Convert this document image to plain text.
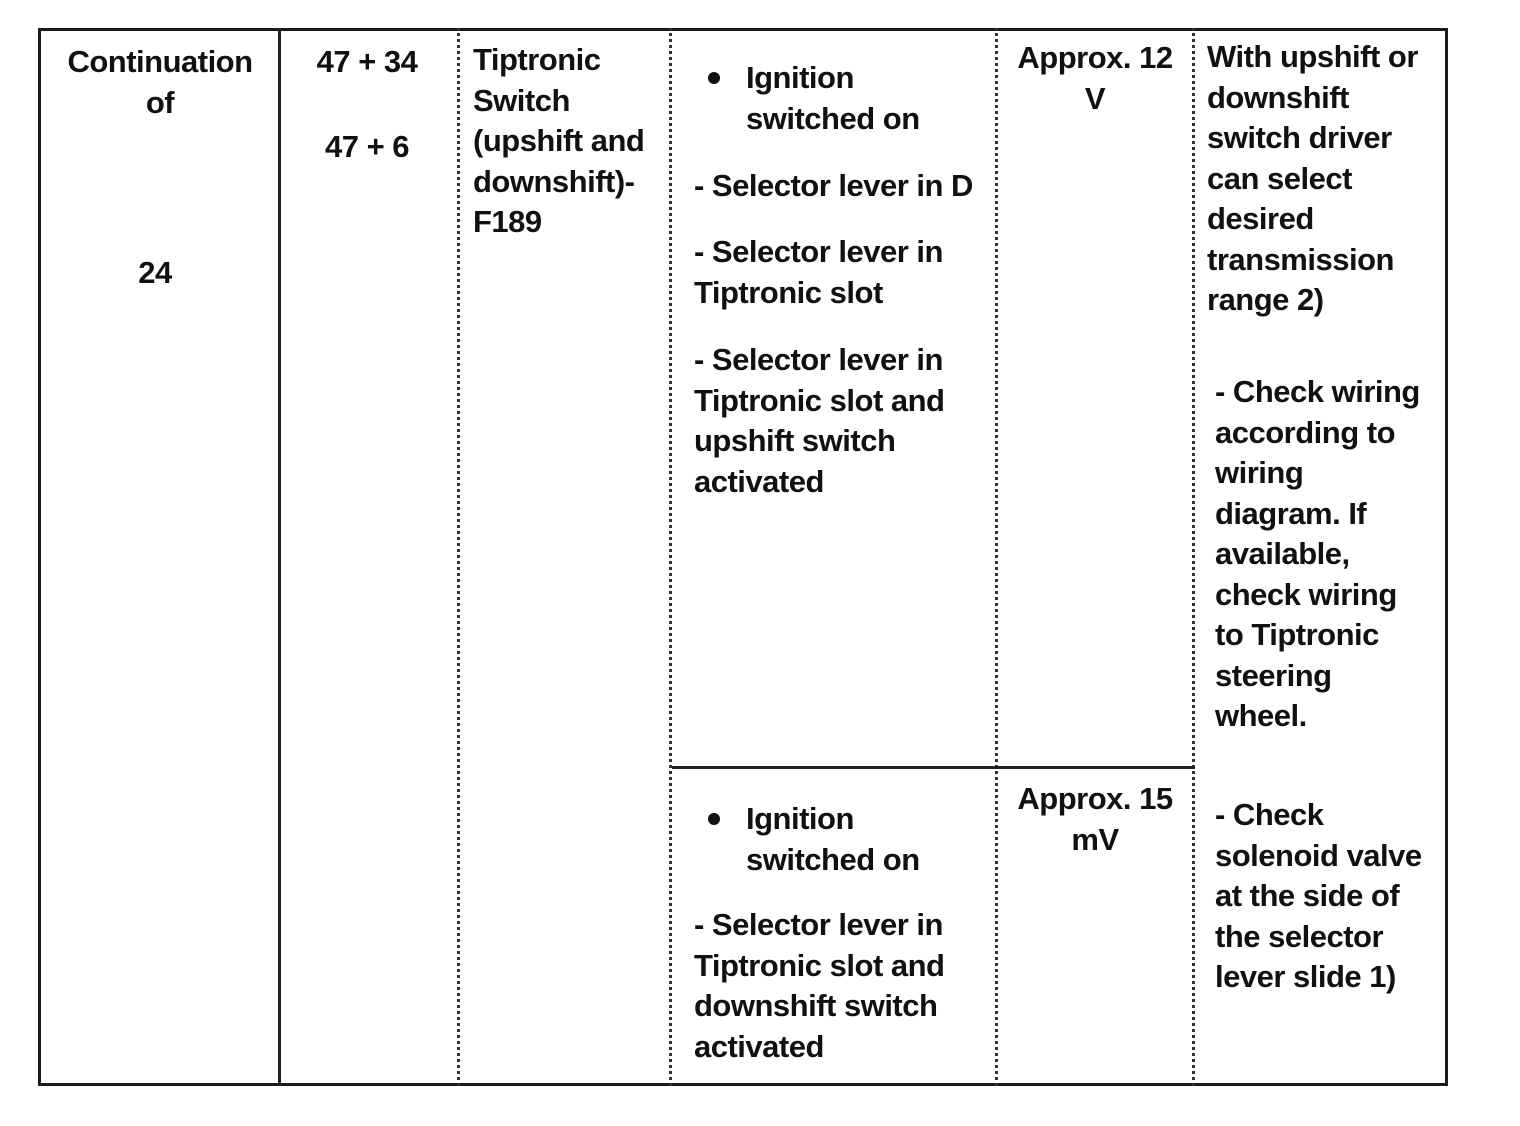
Continuation
of
24
47 + 34
47 + 6
Tiptronic
Switch
(upshift and
downshift)-
F189
Ignition
switched on
- Selector lever in D
- Selector lever in
Tiptronic slot
- Selector lever in
Tiptronic slot and
upshift switch
activated
Ignition
switched on
- Selector lever in
Tiptronic slot and
downshift switch
activated
Approx. 12
V
Approx. 15
mV
With upshift or
downshift
switch driver
can select
desired
transmission
range 2)
- Check wiring
according to
wiring
diagram. If
available,
check wiring
to Tiptronic
steering
wheel.
- Check
solenoid valve
at the side of
the selector
lever slide 1)
